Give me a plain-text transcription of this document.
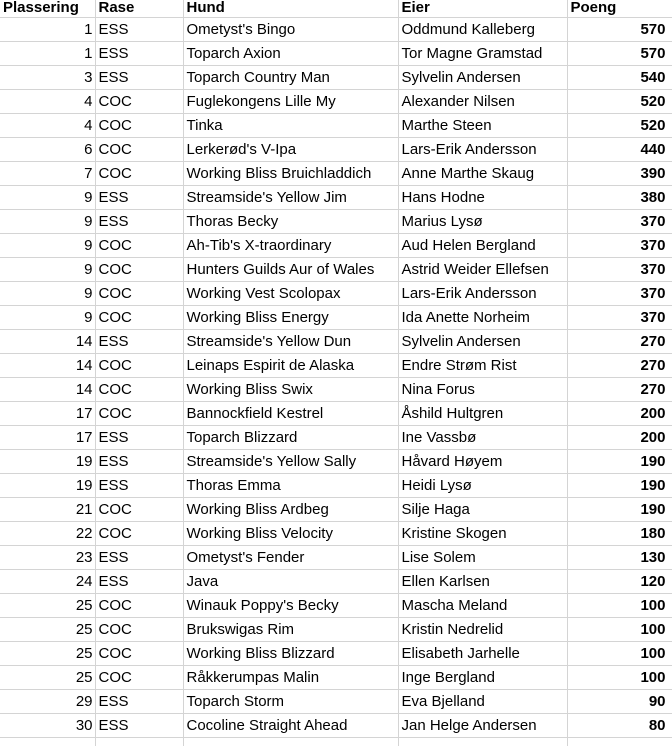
Plassering	Rase	Hund	Eier	Poeng
1	ESS	Ometyst's Bingo	Oddmund Kalleberg	570
1	ESS	Toparch Axion	Tor Magne Gramstad	570
3	ESS	Toparch Country Man	Sylvelin Andersen	540
4	COC	Fuglekongens Lille My	Alexander Nilsen	520
4	COC	Tinka	Marthe Steen	520
6	COC	Lerkerød's V-Ipa	Lars-Erik Andersson	440
7	COC	Working Bliss Bruichladdich	Anne Marthe Skaug	390
9	ESS	Streamside's Yellow Jim	Hans Hodne	380
9	ESS	Thoras Becky	Marius Lysø	370
9	COC	Ah-Tib's X-traordinary	Aud Helen Bergland	370
9	COC	Hunters Guilds Aur of Wales	Astrid Weider Ellefsen	370
9	COC	Working Vest Scolopax	Lars-Erik Andersson	370
9	COC	Working Bliss Energy	Ida Anette Norheim	370
14	ESS	Streamside's Yellow Dun	Sylvelin Andersen	270
14	COC	Leinaps Espirit de Alaska	Endre Strøm Rist	270
14	COC	Working Bliss Swix	Nina Forus	270
17	COC	Bannockfield Kestrel	Åshild Hultgren	200
17	ESS	Toparch Blizzard	Ine Vassbø	200
19	ESS	Streamside's Yellow Sally	Håvard Høyem	190
19	ESS	Thoras Emma	Heidi Lysø	190
21	COC	Working Bliss Ardbeg	Silje Haga	190
22	COC	Working Bliss Velocity	Kristine Skogen	180
23	ESS	Ometyst's Fender	Lise Solem	130
24	ESS	Java	Ellen Karlsen	120
25	COC	Winauk Poppy's Becky	Mascha Meland	100
25	COC	Brukswigas Rim	Kristin Nedrelid	100
25	COC	Working Bliss Blizzard	Elisabeth Jarhelle	100
25	COC	Råkkerumpas Malin	Inge Bergland	100
29	ESS	Toparch Storm	Eva Bjelland	90
30	ESS	Cocoline Straight Ahead	Jan Helge Andersen	80
